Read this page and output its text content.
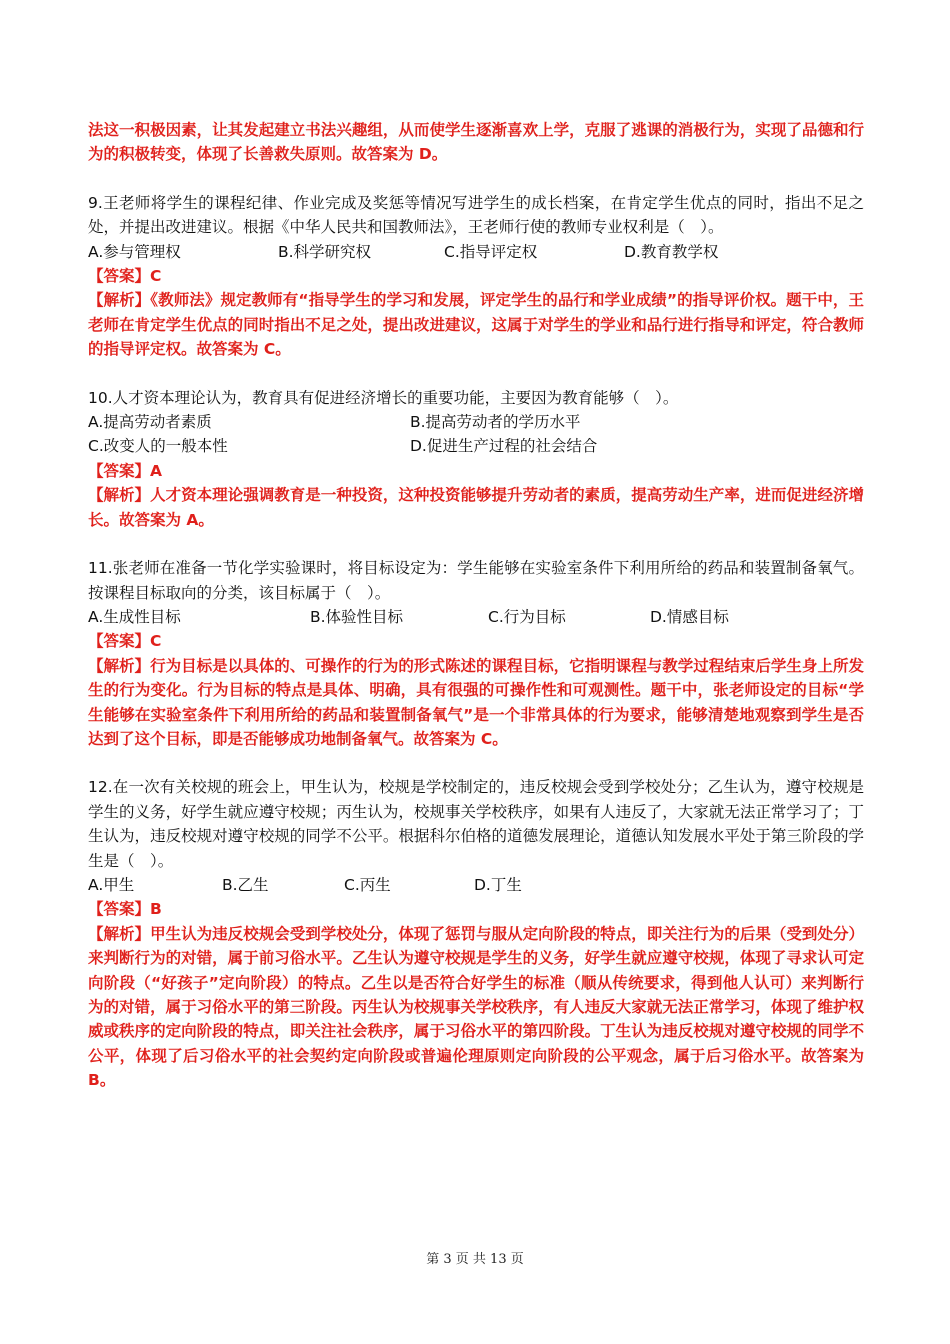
法这一积极因素，让其发起建立书法兴趣组，从而使学生逐渐喜欢上学，克服了逃课的消极行为，实现了品德和行为的积极转变，体现了长善救失原则。故答案为 D。

9.王老师将学生的课程纪律、作业完成及奖惩等情况写进学生的成长档案，在肯定学生优点的同时，指出不足之处，并提出改进建议。根据《中华人民共和国教师法》，王老师行使的教师专业权利是（　）。

A.参与管理权	B.科学研究权	C.指导评定权	D.教育教学权

【答案】C

【解析】《教师法》规定教师有“指导学生的学习和发展，评定学生的品行和学业成绩”的指导评价权。题干中，王老师在肯定学生优点的同时指出不足之处，提出改进建议，这属于对学生的学业和品行进行指导和评定，符合教师的指导评定权。故答案为 C。

10.人才资本理论认为，教育具有促进经济增长的重要功能，主要因为教育能够（　）。

A.提高劳动者素质	B.提高劳动者的学历水平
C.改变人的一般本性	D.促进生产过程的社会结合

【答案】A

【解析】人才资本理论强调教育是一种投资，这种投资能够提升劳动者的素质，提高劳动生产率，进而促进经济增长。故答案为 A。

11.张老师在准备一节化学实验课时，将目标设定为：学生能够在实验室条件下利用所给的药品和装置制备氧气。按课程目标取向的分类，该目标属于（　）。

A.生成性目标	B.体验性目标	C.行为目标	D.情感目标

【答案】C

【解析】行为目标是以具体的、可操作的行为的形式陈述的课程目标，它指明课程与教学过程结束后学生身上所发生的行为变化。行为目标的特点是具体、明确，具有很强的可操作性和可观测性。题干中，张老师设定的目标“学生能够在实验室条件下利用所给的药品和装置制备氧气”是一个非常具体的行为要求，能够清楚地观察到学生是否达到了这个目标，即是否能够成功地制备氧气。故答案为 C。

12.在一次有关校规的班会上，甲生认为，校规是学校制定的，违反校规会受到学校处分；乙生认为，遵守校规是学生的义务，好学生就应遵守校规；丙生认为，校规事关学校秩序，如果有人违反了，大家就无法正常学习了；丁生认为，违反校规对遵守校规的同学不公平。根据科尔伯格的道德发展理论，道德认知发展水平处于第三阶段的学生是（　）。

A.甲生	B.乙生	C.丙生	D.丁生

【答案】B

【解析】甲生认为违反校规会受到学校处分，体现了惩罚与服从定向阶段的特点，即关注行为的后果（受到处分）来判断行为的对错，属于前习俗水平。乙生认为遵守校规是学生的义务，好学生就应遵守校规，体现了寻求认可定向阶段（“好孩子”定向阶段）的特点。乙生以是否符合好学生的标准（顺从传统要求，得到他人认可）来判断行为的对错，属于习俗水平的第三阶段。丙生认为校规事关学校秩序，有人违反大家就无法正常学习，体现了维护权威或秩序的定向阶段的特点，即关注社会秩序，属于习俗水平的第四阶段。丁生认为违反校规对遵守校规的同学不公平，体现了后习俗水平的社会契约定向阶段或普遍伦理原则定向阶段的公平观念，属于后习俗水平。故答案为 B。

第 3 页 共 13 页
